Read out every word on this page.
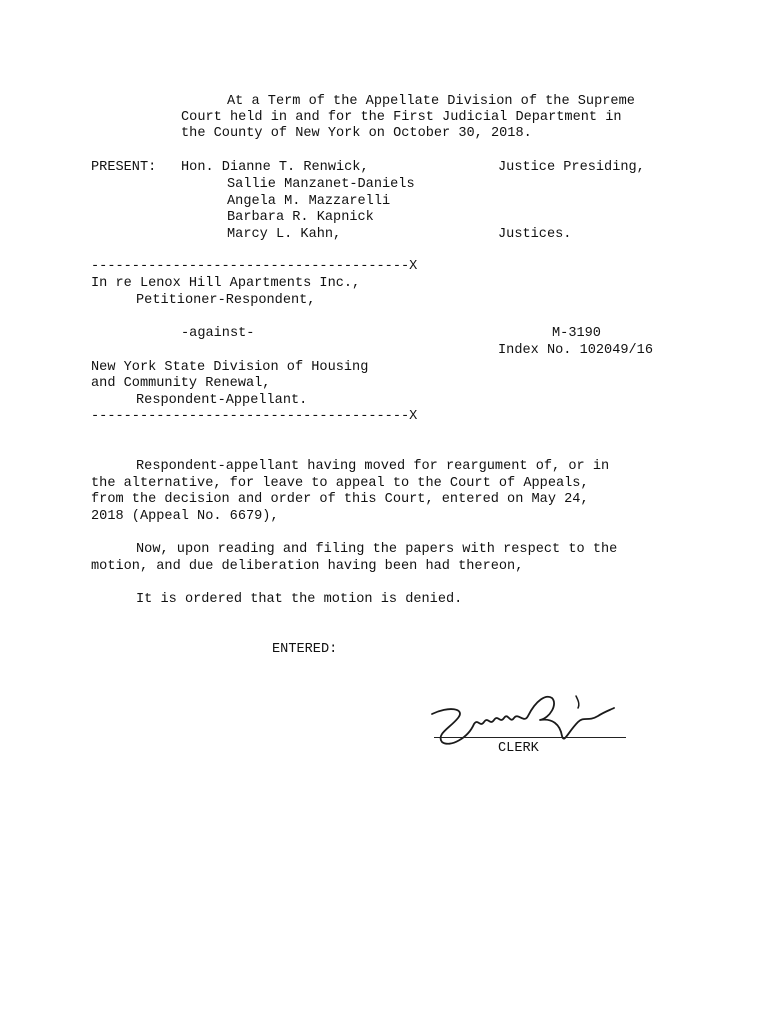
At a Term of the Appellate Division of the Supreme
Court held in and for the First Judicial Department in
the County of New York on October 30, 2018.
PRESENT: Hon. Dianne T. Renwick,	Justice Presiding,
Sallie Manzanet-Daniels
Angela M. Mazzarelli
Barbara R. Kapnick
Marcy L. Kahn,	Justices.
---------------------------------------X
In re Lenox Hill Apartments Inc.,
Petitioner-Respondent,
-against-	M-3190
Index No. 102049/16
New York State Division of Housing
and Community Renewal,
Respondent-Appellant.
---------------------------------------X
Respondent-appellant having moved for reargument of, or in
the alternative, for leave to appeal to the Court of Appeals,
from the decision and order of this Court, entered on May 24,
2018 (Appeal No. 6679),
Now, upon reading and filing the papers with respect to the
motion, and due deliberation having been had thereon,
It is ordered that the motion is denied.
ENTERED:
CLERK
